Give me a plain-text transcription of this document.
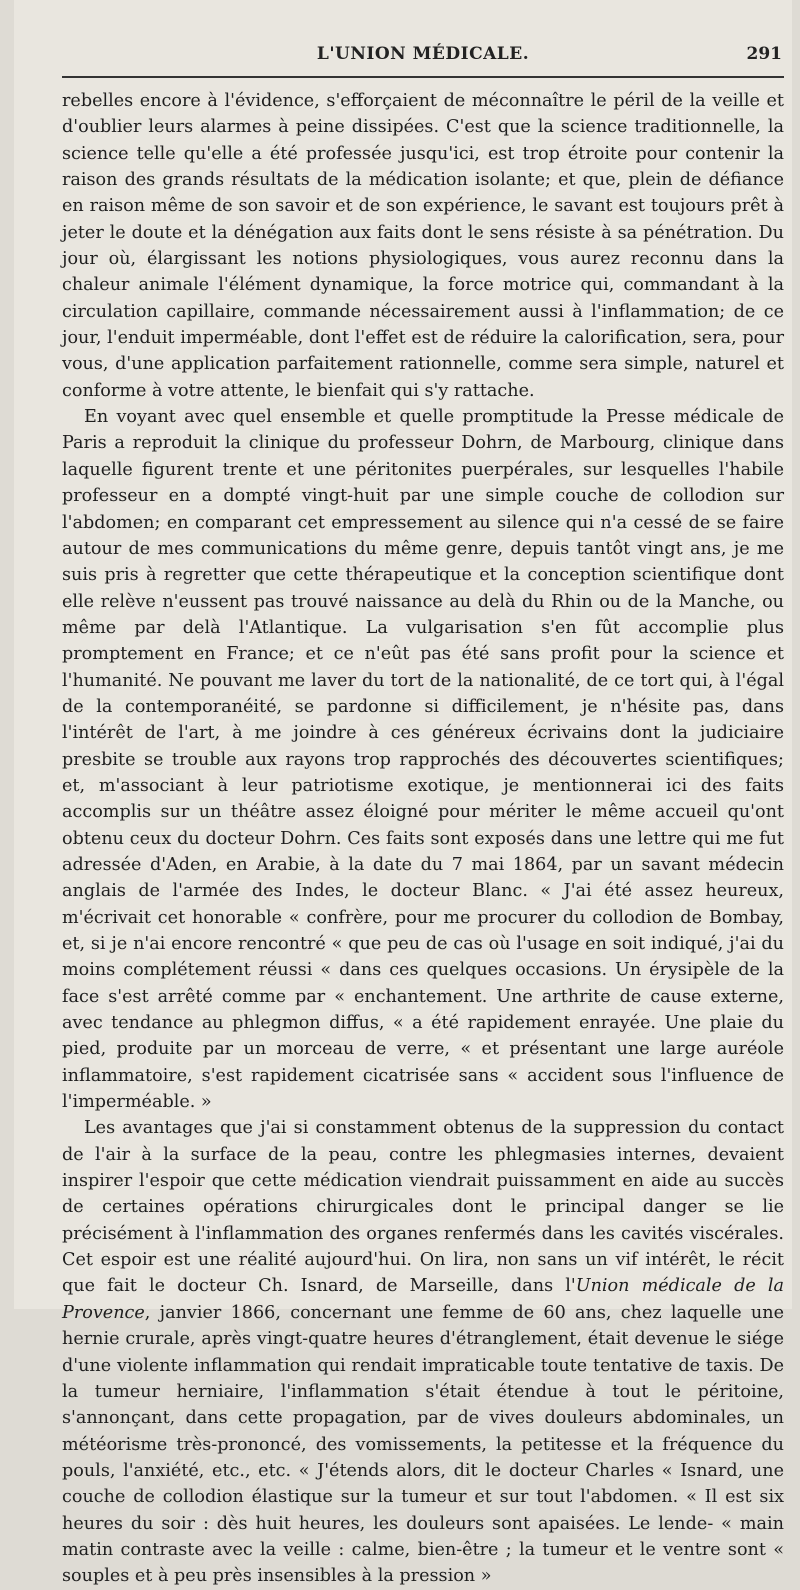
L'UNION MÉDICALE.	291

rebelles encore à l'évidence, s'efforçaient de méconnaître le péril de la veille et d'oublier leurs alarmes à peine dissipées. C'est que la science traditionnelle, la science telle qu'elle a été professée jusqu'ici, est trop étroite pour contenir la raison des grands résultats de la médication isolante; et que, plein de défiance en raison même de son savoir et de son expérience, le savant est toujours prêt à jeter le doute et la dénégation aux faits dont le sens résiste à sa pénétration. Du jour où, élargissant les notions physiologiques, vous aurez reconnu dans la chaleur animale l'élément dynamique, la force motrice qui, commandant à la circulation capillaire, commande nécessairement aussi à l'inflammation; de ce jour, l'enduit imperméable, dont l'effet est de réduire la calorification, sera, pour vous, d'une application parfaitement rationnelle, comme sera simple, naturel et conforme à votre attente, le bienfait qui s'y rattache.

En voyant avec quel ensemble et quelle promptitude la Presse médicale de Paris a reproduit la clinique du professeur Dohrn, de Marbourg, clinique dans laquelle figurent trente et une péritonites puerpérales, sur lesquelles l'habile professeur en a dompté vingt-huit par une simple couche de collodion sur l'abdomen; en comparant cet empressement au silence qui n'a cessé de se faire autour de mes communications du même genre, depuis tantôt vingt ans, je me suis pris à regretter que cette thérapeutique et la conception scientifique dont elle relève n'eussent pas trouvé naissance au delà du Rhin ou de la Manche, ou même par delà l'Atlantique. La vulgarisation s'en fût accomplie plus promptement en France; et ce n'eût pas été sans profit pour la science et l'humanité. Ne pouvant me laver du tort de la nationalité, de ce tort qui, à l'égal de la contemporanéité, se pardonne si difficilement, je n'hésite pas, dans l'intérêt de l'art, à me joindre à ces généreux écrivains dont la judiciaire presbite se trouble aux rayons trop rapprochés des découvertes scientifiques; et, m'associant à leur patriotisme exotique, je mentionnerai ici des faits accomplis sur un théâtre assez éloigné pour mériter le même accueil qu'ont obtenu ceux du docteur Dohrn. Ces faits sont exposés dans une lettre qui me fut adressée d'Aden, en Arabie, à la date du 7 mai 1864, par un savant médecin anglais de l'armée des Indes, le docteur Blanc. « J'ai été assez heureux, m'écrivait cet honorable « confrère, pour me procurer du collodion de Bombay, et, si je n'ai encore rencontré « que peu de cas où l'usage en soit indiqué, j'ai du moins complétement réussi « dans ces quelques occasions. Un érysipèle de la face s'est arrêté comme par « enchantement. Une arthrite de cause externe, avec tendance au phlegmon diffus, « a été rapidement enrayée. Une plaie du pied, produite par un morceau de verre, « et présentant une large auréole inflammatoire, s'est rapidement cicatrisée sans « accident sous l'influence de l'imperméable. »

Les avantages que j'ai si constamment obtenus de la suppression du contact de l'air à la surface de la peau, contre les phlegmasies internes, devaient inspirer l'espoir que cette médication viendrait puissamment en aide au succès de certaines opérations chirurgicales dont le principal danger se lie précisément à l'inflammation des organes renfermés dans les cavités viscérales. Cet espoir est une réalité aujourd'hui. On lira, non sans un vif intérêt, le récit que fait le docteur Ch. Isnard, de Marseille, dans l'Union médicale de la Provence, janvier 1866, concernant une femme de 60 ans, chez laquelle une hernie crurale, après vingt-quatre heures d'étranglement, était devenue le siége d'une violente inflammation qui rendait impraticable toute tentative de taxis. De la tumeur herniaire, l'inflammation s'était étendue à tout le péritoine, s'annonçant, dans cette propagation, par de vives douleurs abdominales, un météorisme très-prononcé, des vomissements, la petitesse et la fréquence du pouls, l'anxiété, etc., etc. « J'étends alors, dit le docteur Charles « Isnard, une couche de collodion élastique sur la tumeur et sur tout l'abdomen. « Il est six heures du soir : dès huit heures, les douleurs sont apaisées. Le lende- « main matin contraste avec la veille : calme, bien-être ; la tumeur et le ventre sont « souples et à peu près insensibles à la pression »
